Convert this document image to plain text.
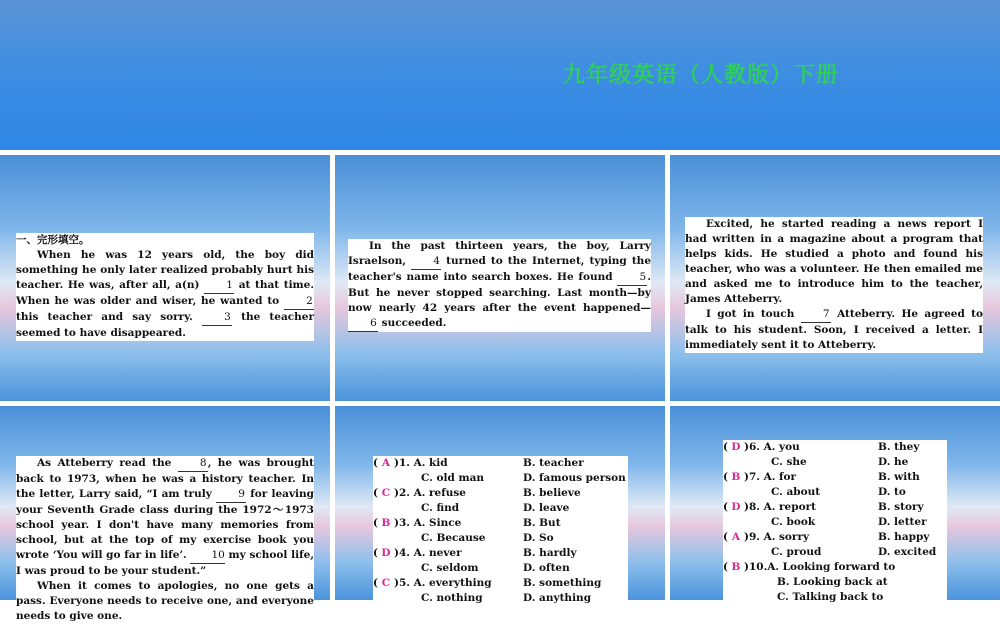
九年级英语（人教版）下册

一、完形填空。

When he was 12 years old, the boy did something he only later realized probably hurt his teacher. He was, after all, a(n)	1 at that time. When he was older and wiser, he wanted to	2 this teacher and say sorry.	3 the teacher seemed to have disappeared.

In the past thirteen years, the boy, Larry Israelson,	4 turned to the Internet, typing the teacher's name into search boxes. He found	5. But he never stopped searching. Last month—by now nearly 42 years after the event happened— 6 succeeded.

Excited, he started reading a news report I had written in a magazine about a program that helps kids. He studied a photo and found his teacher, who was a volunteer. He then emailed me and asked me to introduce him to the teacher, James Atteberry.

I got in touch	7 Atteberry. He agreed to talk to his student. Soon, I received a letter. I immediately sent it to Atteberry.

As Atteberry read the	8, he was brought back to 1973, when he was a history teacher. In the letter, Larry said, “I am truly	9 for leaving your Seventh Grade class during the 1972～1973 school year. I don't have many memories from school, but at the top of my exercise book you wrote ‘You will go far in life’. 10 my school life, I was proud to be your student.”

When it comes to apologies, no one gets a pass. Everyone needs to receive one, and everyone needs to give one.

( A )1. A. kid	B. teacher
C. old man	D. famous person
( C )2. A. refuse	B. believe
C. find	D. leave
( B )3. A. Since	B. But
C. Because	D. So
( D )4. A. never	B. hardly
C. seldom	D. often
( C )5. A. everything	B. something
C. nothing	D. anything
( D )6. A. you	B. they
C. she	D. he
( B )7. A. for	B. with
C. about	D. to
( D )8. A. report	B. story
C. book	D. letter
( A )9. A. sorry	B. happy
C. proud	D. excited
( B ) 10 . A. Looking forward to
B. Looking back at
C. Talking back to
